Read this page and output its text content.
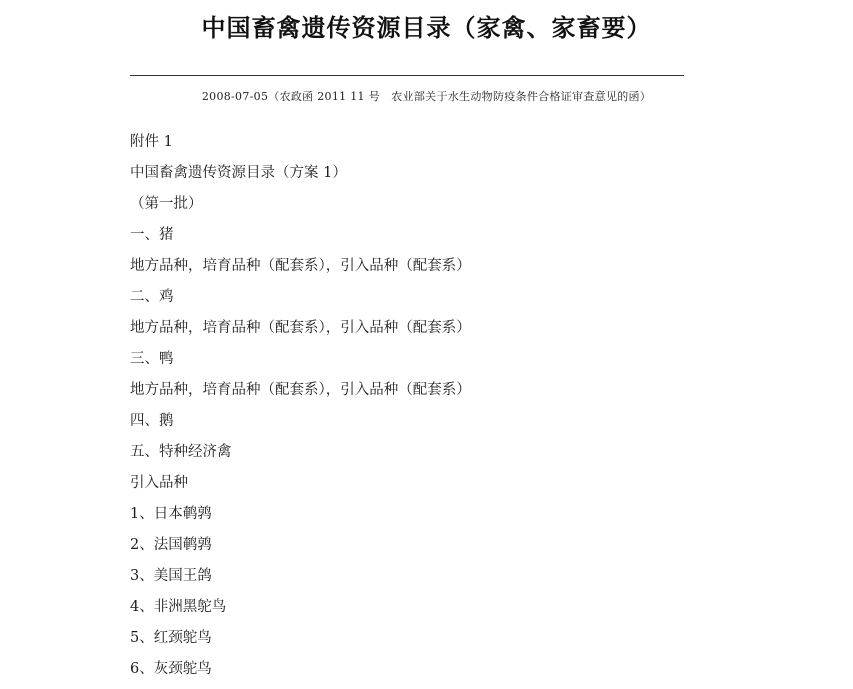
中国畜禽遗传资源目录（家禽、家畜要）
2008-07-05（农政函 2011 11 号　农业部关于水生动物防疫条件合格证审查意见的函）
附件 1
中国畜禽遗传资源目录（方案 1）
（第一批）
一、猪
地方品种，培育品种（配套系），引入品种（配套系）
二、鸡
地方品种，培育品种（配套系），引入品种（配套系）
三、鸭
地方品种，培育品种（配套系），引入品种（配套系）
四、鹅
五、特种经济禽
引入品种
1、日本鹌鹑
2、法国鹌鹑
3、美国王鸽
4、非洲黑鸵鸟
5、红颈鸵鸟
6、灰颈鸵鸟
